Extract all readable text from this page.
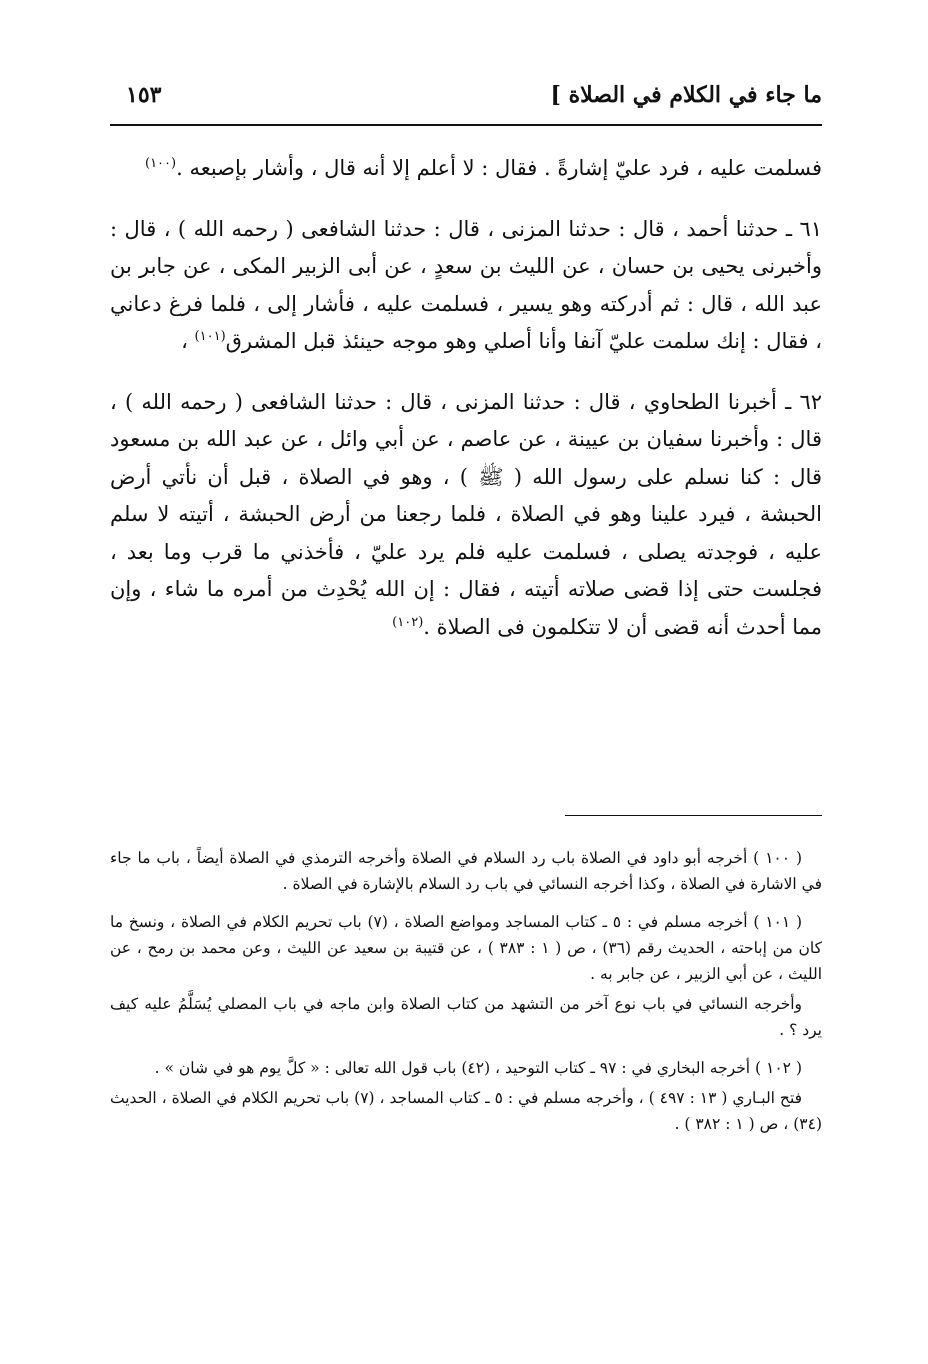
ما جاء في الكلام في الصلاة ]
١٥٣

فسلمت عليه ، فرد عليّ إشارةً . فقال : لا أعلم إلا أنه قال ، وأشار بإصبعه .$^{(١٠٠)}$

٦١ ـ حدثنا أحمد ، قال : حدثنا المزنى ، قال : حدثنا الشافعى ( رحمه الله ) ، قال : وأخبرنى يحيى بن حسان ، عن الليث بن سعدٍ ، عن أبى الزبير المكى ، عن جابر بن عبد الله ، قال : ثم أدركته وهو يسير ، فسلمت عليه ، فأشار إلى ، فلما فرغ دعاني ، فقال : إنك سلمت عليّ آنفا وأنا أصلي وهو موجه حينئذ قبل المشرق$^{(١٠١)}$ ،

٦٢ ـ أخبرنا الطحاوي ، قال : حدثنا المزنى ، قال : حدثنا الشافعى ( رحمه الله ) ، قال : وأخبرنا سفيان بن عيينة ، عن عاصم ، عن أبي وائل ، عن عبد الله بن مسعود قال : كنا نسلم على رسول الله ( ﷺ ) ، وهو في الصلاة ، قبل أن نأتي أرض الحبشة ، فيرد علينا وهو في الصلاة ، فلما رجعنا من أرض الحبشة ، أتيته لا سلم عليه ، فوجدته يصلى ، فسلمت عليه فلم يرد عليّ ، فأخذني ما قرب وما بعد ، فجلست حتى إذا قضى صلاته أتيته ، فقال : إن الله يُحْدِث من أمره ما شاء ، وإن مما أحدث أنه قضى أن لا تتكلمون فى الصلاة .$^{(١٠٢)}$

( ١٠٠ ) أخرجه أبو داود في الصلاة باب رد السلام في الصلاة وأخرجه الترمذي في الصلاة أيضاً ، باب ما جاء في الاشارة في الصلاة ، وكذا أخرجه النسائي في باب رد السلام بالإشارة في الصلاة .

( ١٠١ ) أخرجه مسلم في : ٥ ـ كتاب المساجد ومواضع الصلاة ، (٧) باب تحريم الكلام في الصلاة ، ونسخ ما كان من إباحته ، الحديث رقم (٣٦) ، ص ( ١ : ٣٨٣ ) ، عن قتيبة بن سعيد عن الليث ، وعن محمد بن رمح ، عن الليث ، عن أبي الزبير ، عن جابر به .

وأخرجه النسائي في باب نوع آخر من التشهد من كتاب الصلاة وابن ماجه في باب المصلي يُسَلَّمُ عليه كيف يرد ؟ .

( ١٠٢ ) أخرجه البخاري في : ٩٧ ـ كتاب التوحيد ، (٤٢) باب قول الله تعالى : « كلَّ يوم هو في شان » .

فتح البـاري ( ١٣ : ٤٩٧ ) ، وأخرجه مسلم في : ٥ ـ كتاب المساجد ، (٧) باب تحريم الكلام في الصلاة ، الحديث (٣٤) ، ص ( ١ : ٣٨٢ ) .
